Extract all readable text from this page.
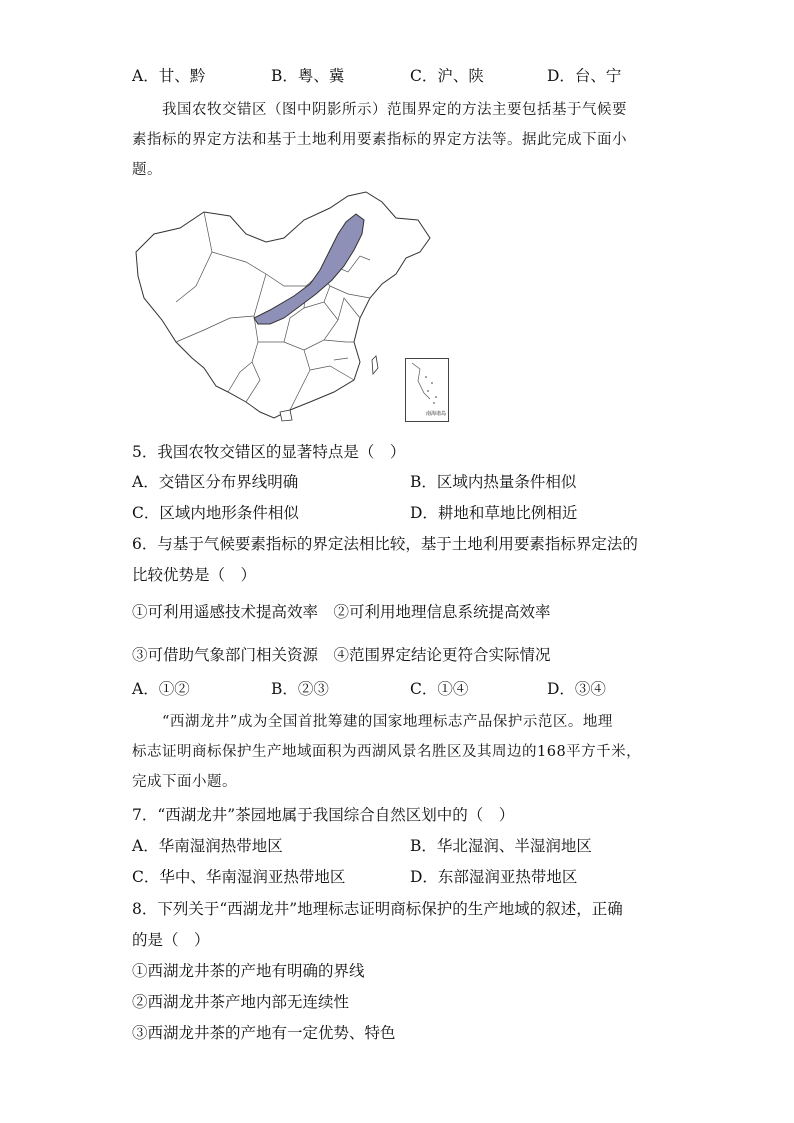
A．甘、黔	B．粤、冀	C．沪、陕	D．台、宁
我国农牧交错区（图中阴影所示）范围界定的方法主要包括基于气候要
素指标的界定方法和基于土地利用要素指标的界定方法等。据此完成下面小
题。
南海诸岛
5．我国农牧交错区的显著特点是（　）
A．交错区分布界线明确	B．区域内热量条件相似
C．区域内地形条件相似	D．耕地和草地比例相近
6．与基于气候要素指标的界定法相比较，基于土地利用要素指标界定法的
比较优势是（　）
①可利用遥感技术提高效率　②可利用地理信息系统提高效率
③可借助气象部门相关资源　④范围界定结论更符合实际情况
A．①②	B．②③	C．①④	D．③④
“西湖龙井”成为全国首批筹建的国家地理标志产品保护示范区。地理
标志证明商标保护生产地域面积为西湖风景名胜区及其周边的168平方千米，
完成下面小题。
7．“西湖龙井”茶园地属于我国综合自然区划中的（　）
A．华南湿润热带地区	B．华北湿润、半湿润地区
C．华中、华南湿润亚热带地区	D．东部湿润亚热带地区
8．下列关于“西湖龙井”地理标志证明商标保护的生产地域的叙述，正确
的是（　）
①西湖龙井茶的产地有明确的界线
②西湖龙井茶产地内部无连续性
③西湖龙井茶的产地有一定优势、特色
